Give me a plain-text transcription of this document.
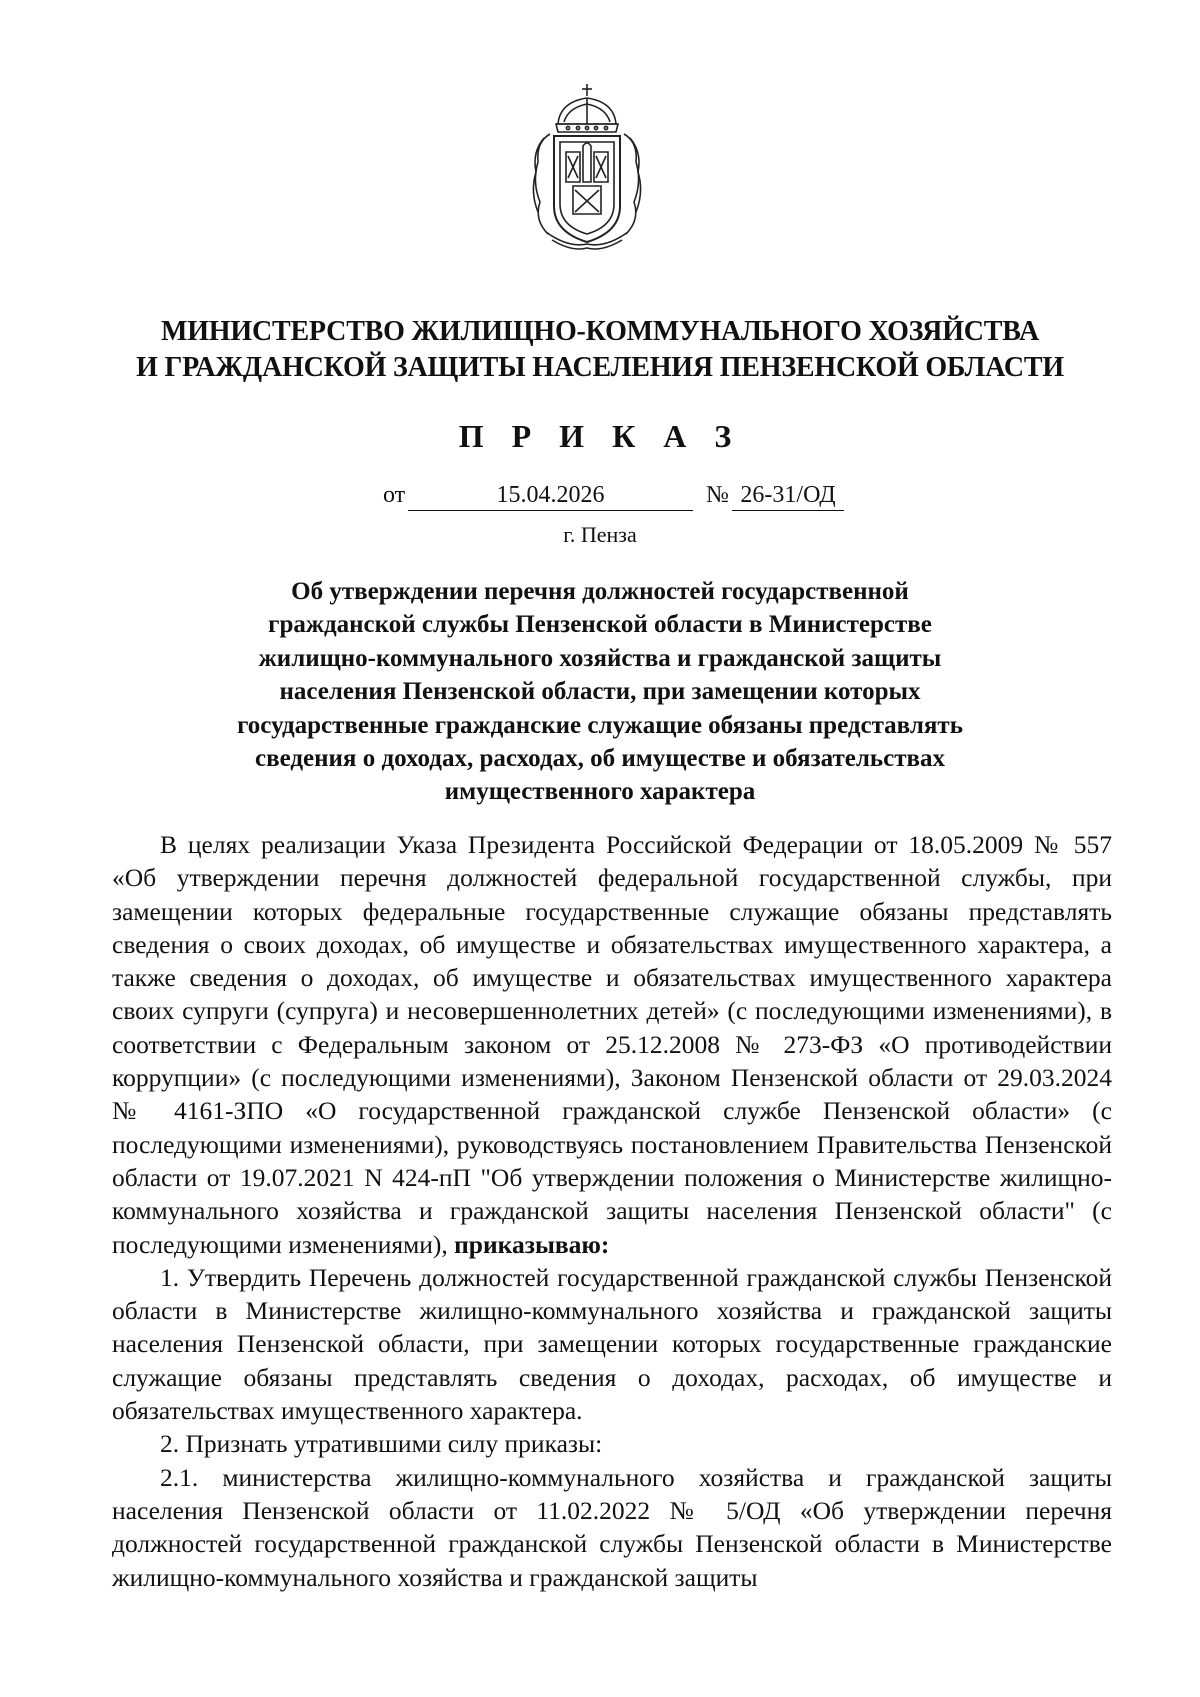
МИНИСТЕРСТВО ЖИЛИЩНО-КОММУНАЛЬНОГО ХОЗЯЙСТВА
И ГРАЖДАНСКОЙ ЗАЩИТЫ НАСЕЛЕНИЯ ПЕНЗЕНСКОЙ ОБЛАСТИ
П Р И К А З
от	15.04.2026	№ 26-31/ОД
г. Пенза
Об утверждении перечня должностей государственной
гражданской службы Пензенской области в Министерстве
жилищно-коммунального хозяйства и гражданской защиты
населения Пензенской области, при замещении которых
государственные гражданские служащие обязаны представлять
сведения о доходах, расходах, об имуществе и обязательствах
имущественного характера

В целях реализации Указа Президента Российской Федерации от 18.05.2009 № 557 «Об утверждении перечня должностей федеральной государственной службы, при замещении которых федеральные государственные служащие обязаны представлять сведения о своих доходах, об имуществе и обязательствах имущественного характера, а также сведения о доходах, об имуществе и обязательствах имущественного характера своих супруги (супруга) и несовершеннолетних детей» (с последующими изменениями), в соответствии с Федеральным законом от 25.12.2008 № 273-ФЗ «О противодействии коррупции» (с последующими изменениями), Законом Пензенской области от 29.03.2024 № 4161-ЗПО «О государственной гражданской службе Пензенской области» (с последующими изменениями), руководствуясь постановлением Правительства Пензенской области от 19.07.2021 N 424-пП "Об утверждении положения о Министерстве жилищно-коммунального хозяйства и гражданской защиты населения Пензенской области" (с последующими изменениями), приказываю:

1. Утвердить Перечень должностей государственной гражданской службы Пензенской области в Министерстве жилищно-коммунального хозяйства и гражданской защиты населения Пензенской области, при замещении которых государственные гражданские служащие обязаны представлять сведения о доходах, расходах, об имуществе и обязательствах имущественного характера.

2. Признать утратившими силу приказы:

2.1. министерства жилищно-коммунального хозяйства и гражданской защиты населения Пензенской области от 11.02.2022 № 5/ОД «Об утверждении перечня должностей государственной гражданской службы Пензенской области в Министерстве жилищно-коммунального хозяйства и гражданской защиты
